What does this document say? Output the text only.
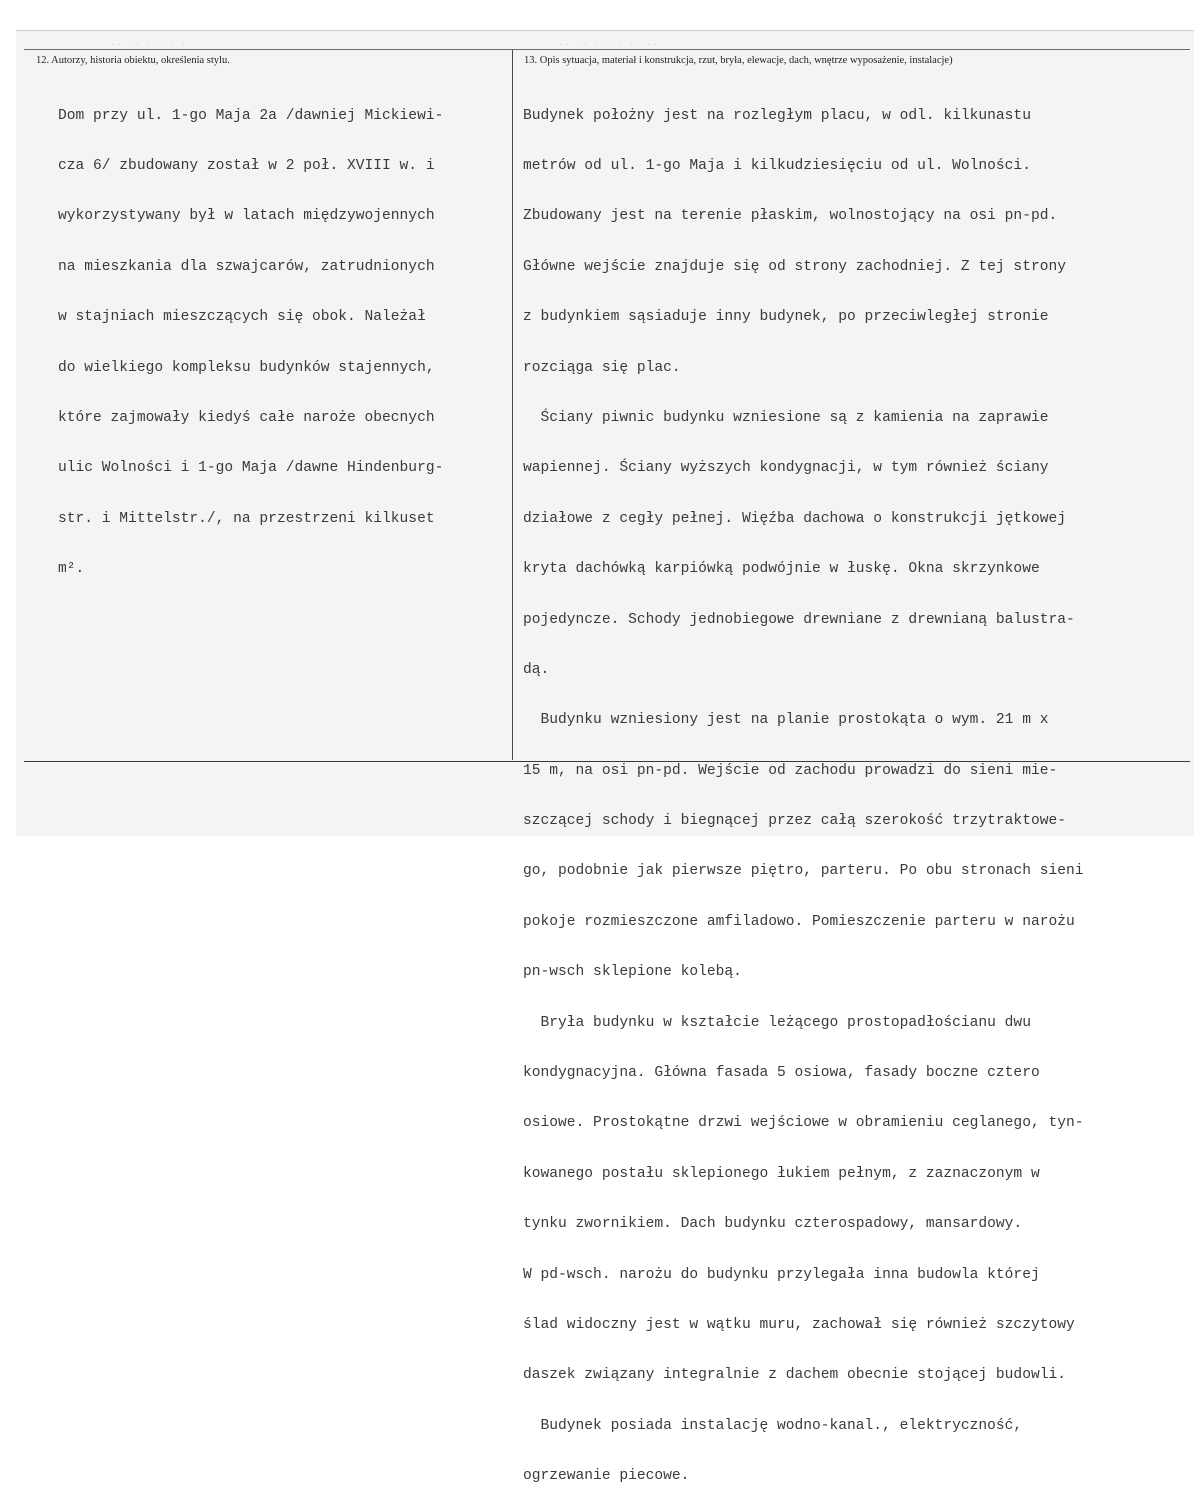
·· ·· ·· ·· ·	·· ·· ·· ·· ·· ··
12. Autorzy, historia obiektu, określenia stylu.

Dom przy ul. 1-go Maja 2a /dawniej Mickiewi-

cza 6/ zbudowany został w 2 poł. XVIII w. i

wykorzystywany był w latach międzywojennych

na mieszkania dla szwajcarów, zatrudnionych

w stajniach mieszczących się obok. Należał

do wielkiego kompleksu budynków stajennych,

które zajmowały kiedyś całe naroże obecnych

ulic Wolności i 1-go Maja /dawne Hindenburg-

str. i Mittelstr./, na przestrzeni kilkuset

m².

13. Opis sytuacja, materiał i konstrukcja, rzut, bryła, elewacje, dach, wnętrze wyposażenie, instalacje)

Budynek położny jest na rozległym placu, w odl. kilkunastu

metrów od ul. 1-go Maja i kilkudziesięciu od ul. Wolności.

Zbudowany jest na terenie płaskim, wolnostojący na osi pn-pd.

Główne wejście znajduje się od strony zachodniej. Z tej strony

z budynkiem sąsiaduje inny budynek, po przeciwległej stronie

rozciąga się plac.

Ściany piwnic budynku wzniesione są z kamienia na zaprawie

wapiennej. Ściany wyższych kondygnacji, w tym również ściany

działowe z cegły pełnej. Więźba dachowa o konstrukcji jętkowej

kryta dachówką karpiówką podwójnie w łuskę. Okna skrzynkowe

pojedyncze. Schody jednobiegowe drewniane z drewnianą balustra-

dą.

Budynku wzniesiony jest na planie prostokąta o wym. 21 m x

15 m, na osi pn-pd. Wejście od zachodu prowadzi do sieni mie-

szczącej schody i biegnącej przez całą szerokość trzytraktowe-

go, podobnie jak pierwsze piętro, parteru. Po obu stronach sieni

pokoje rozmieszczone amfiladowo. Pomieszczenie parteru w narożu

pn-wsch sklepione kolebą.

Bryła budynku w kształcie leżącego prostopadłościanu dwu

kondygnacyjna. Główna fasada 5 osiowa, fasady boczne cztero

osiowe. Prostokątne drzwi wejściowe w obramieniu ceglanego, tyn-

kowanego postału sklepionego łukiem pełnym, z zaznaczonym w

tynku zwornikiem. Dach budynku czterospadowy, mansardowy.

W pd-wsch. narożu do budynku przylegała inna budowla której

ślad widoczny jest w wątku muru, zachował się również szczytowy

daszek związany integralnie z dachem obecnie stojącej budowli.

Budynek posiada instalację wodno-kanal., elektryczność,

ogrzewanie piecowe.
